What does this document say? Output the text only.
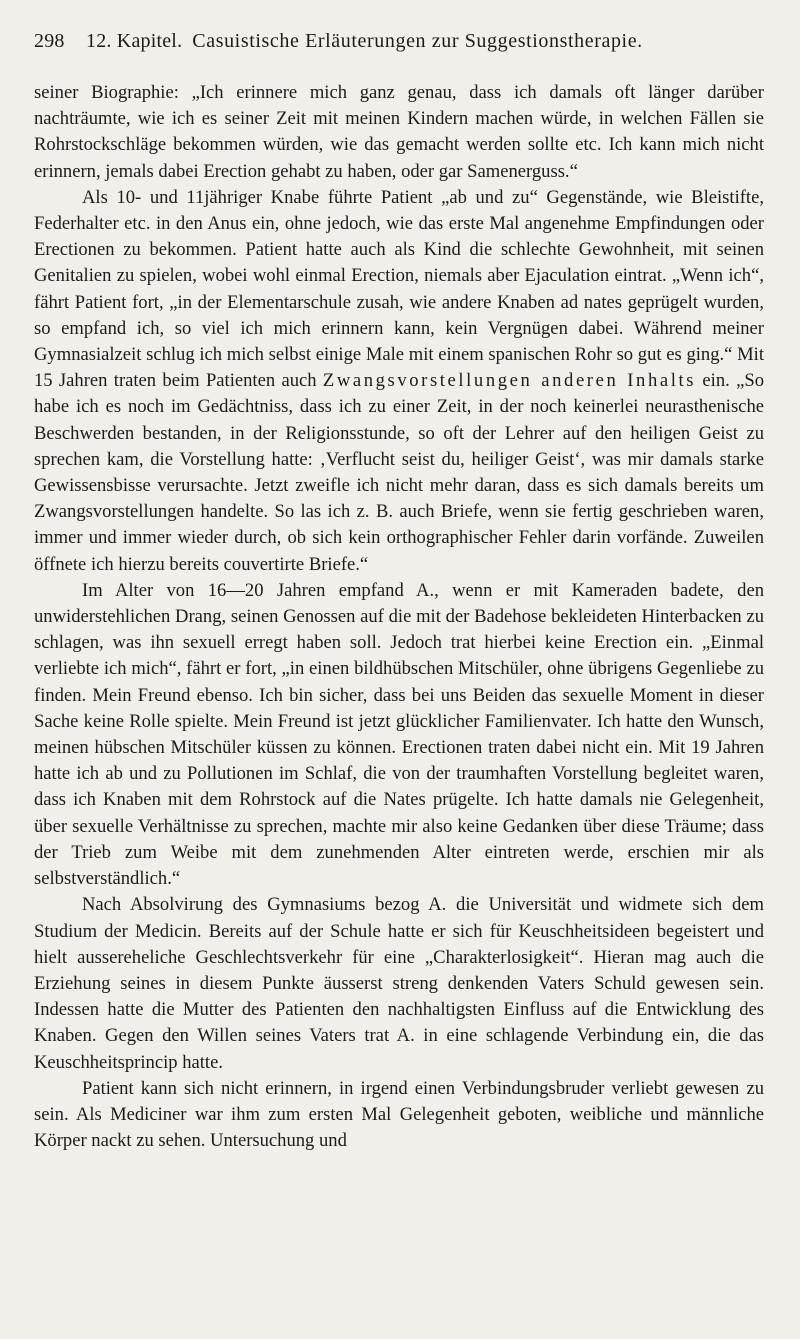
298	12. Kapitel. Casuistische Erläuterungen zur Suggestionstherapie.

seiner Biographie: „Ich erinnere mich ganz genau, dass ich damals oft länger darüber nachträumte, wie ich es seiner Zeit mit meinen Kindern machen würde, in welchen Fällen sie Rohrstockschläge bekommen würden, wie das gemacht werden sollte etc. Ich kann mich nicht erinnern, jemals dabei Erection gehabt zu haben, oder gar Samenerguss.“

Als 10- und 11jähriger Knabe führte Patient „ab und zu“ Gegenstände, wie Bleistifte, Federhalter etc. in den Anus ein, ohne jedoch, wie das erste Mal angenehme Empfindungen oder Erectionen zu bekommen. Patient hatte auch als Kind die schlechte Gewohnheit, mit seinen Genitalien zu spielen, wobei wohl einmal Erection, niemals aber Ejaculation eintrat. „Wenn ich“, fährt Patient fort, „in der Elementarschule zusah, wie andere Knaben ad nates geprügelt wurden, so empfand ich, so viel ich mich erinnern kann, kein Vergnügen dabei. Während meiner Gymnasialzeit schlug ich mich selbst einige Male mit einem spanischen Rohr so gut es ging.“ Mit 15 Jahren traten beim Patienten auch Zwangsvorstellungen anderen Inhalts ein. „So habe ich es noch im Gedächtniss, dass ich zu einer Zeit, in der noch keinerlei neurasthenische Beschwerden bestanden, in der Religionsstunde, so oft der Lehrer auf den heiligen Geist zu sprechen kam, die Vorstellung hatte: ‚Verflucht seist du, heiliger Geist‘, was mir damals starke Gewissensbisse verursachte. Jetzt zweifle ich nicht mehr daran, dass es sich damals bereits um Zwangsvorstellungen handelte. So las ich z. B. auch Briefe, wenn sie fertig geschrieben waren, immer und immer wieder durch, ob sich kein orthographischer Fehler darin vorfände. Zuweilen öffnete ich hierzu bereits couvertirte Briefe.“

Im Alter von 16—20 Jahren empfand A., wenn er mit Kameraden badete, den unwiderstehlichen Drang, seinen Genossen auf die mit der Badehose bekleideten Hinterbacken zu schlagen, was ihn sexuell erregt haben soll. Jedoch trat hierbei keine Erection ein. „Einmal verliebte ich mich“, fährt er fort, „in einen bildhübschen Mitschüler, ohne übrigens Gegenliebe zu finden. Mein Freund ebenso. Ich bin sicher, dass bei uns Beiden das sexuelle Moment in dieser Sache keine Rolle spielte. Mein Freund ist jetzt glücklicher Familienvater. Ich hatte den Wunsch, meinen hübschen Mitschüler küssen zu können. Erectionen traten dabei nicht ein. Mit 19 Jahren hatte ich ab und zu Pollutionen im Schlaf, die von der traumhaften Vorstellung begleitet waren, dass ich Knaben mit dem Rohrstock auf die Nates prügelte. Ich hatte damals nie Gelegenheit, über sexuelle Verhältnisse zu sprechen, machte mir also keine Gedanken über diese Träume; dass der Trieb zum Weibe mit dem zunehmenden Alter eintreten werde, erschien mir als selbstverständlich.“

Nach Absolvirung des Gymnasiums bezog A. die Universität und widmete sich dem Studium der Medicin. Bereits auf der Schule hatte er sich für Keuschheitsideen begeistert und hielt aussereheliche Geschlechtsverkehr für eine „Charakterlosigkeit“. Hieran mag auch die Erziehung seines in diesem Punkte äusserst streng denkenden Vaters Schuld gewesen sein. Indessen hatte die Mutter des Patienten den nachhaltigsten Einfluss auf die Entwicklung des Knaben. Gegen den Willen seines Vaters trat A. in eine schlagende Verbindung ein, die das Keuschheitsprincip hatte.

Patient kann sich nicht erinnern, in irgend einen Verbindungsbruder verliebt gewesen zu sein. Als Mediciner war ihm zum ersten Mal Gelegenheit geboten, weibliche und männliche Körper nackt zu sehen. Untersuchung und
